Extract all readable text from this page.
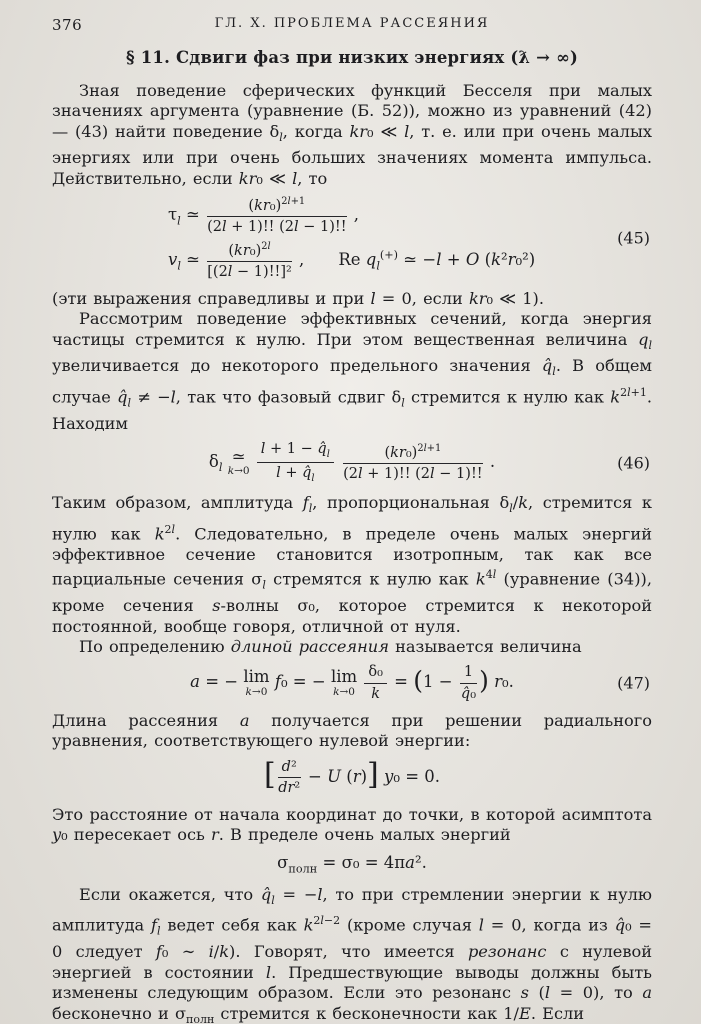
376	ГЛ. X. ПРОБЛЕМА РАССЕЯНИЯ
§ 11. Сдвиги фаз при низких энергиях (ƛ → ∞)

Зная поведение сферических функций Бесселя при малых значениях аргумента (уравнение (Б. 52)), можно из уравнений (42) — (43) найти поведение $\delta_l$, когда kr₀ ≪ l, т. е. или при очень малых энергиях или при очень больших значениях момента импульса. Действительно, если kr₀ ≪ l, то

$\tau_l$ ≃ $\frac{(kr_0)^{2l+1}}{(2l + 1)!! (2l - 1)!!}$ ,
$v_l$ ≃ $\frac{(kr_0)^{2l}}{\text{[(2l − 1)!!]²}}$ , Re $q_l^{(+)}$ ≃ −l + O (k²r₀²)
(45)

(эти выражения справедливы и при l = 0, если kr₀ ≪ 1).

Рассмотрим поведение эффективных сечений, когда энергия частицы стремится к нулю. При этом вещественная величина $q_l$ увеличивается до некоторого предельного значения $q̂_l$. В общем случае $q̂_l \ne -l$, так что фазовый сдвиг $\delta_l$ стремится к нулю как $k^{2l+1}$. Находим

$\delta_l$
≃
k→0
$\frac{l + 1 - q̂_l}{l + q̂_l}$
$\frac{(kr_0)^{2l+1}}{(2l + 1)!! (2l - 1)!!}$ .	(46)

Таким образом, амплитуда $f_l$, пропорциональная $\delta_l/k$, стремится к нулю как $k^{2l}$. Следовательно, в пределе очень малых энергий эффективное сечение становится изотропным, так как все парциальные сечения $\sigma_l$ стремятся к нулю как $k^{4l}$ (уравнение (34)), кроме сечения s-волны σ₀, которое стремится к некоторой постоянной, вообще говоря, отличной от нуля.

По определению длиной рассеяния называется величина

a = − lim
k→0 f₀ = − lim
k→0
$\frac{\text{δ₀}}{k} = (1 - \frac{1}{\text{q̂₀}}$ ) r₀.	(47)

Длина рассеяния a получается при решении радиального уравнения, соответствующего нулевой энергии:

[ $\frac{\text{d²}}{\text{dr²}} - U$ (r)] y₀ = 0.

Это расстояние от начала координат до точки, в которой асимптота y₀ пересекает ось r. В пределе очень малых энергий

$\sigma_{полн} = \sigma_0 = 4\pi a^2$.

Если окажется, что $q̂_l = -l$, то при стремлении энергии к нулю амплитуда $f_l$ ведет себя как $k^{2l-2}$ (кроме случая l = 0, когда из q̂₀ = 0 следует f₀ ∼ i/k). Говорят, что имеется резонанс с нулевой энергией в состоянии l. Предшествующие выводы должны быть изменены следующим образом. Если это резонанс s (l = 0), то a бесконечно и $\sigma_{полн}$ стремится к бесконечности как 1/E. Если
